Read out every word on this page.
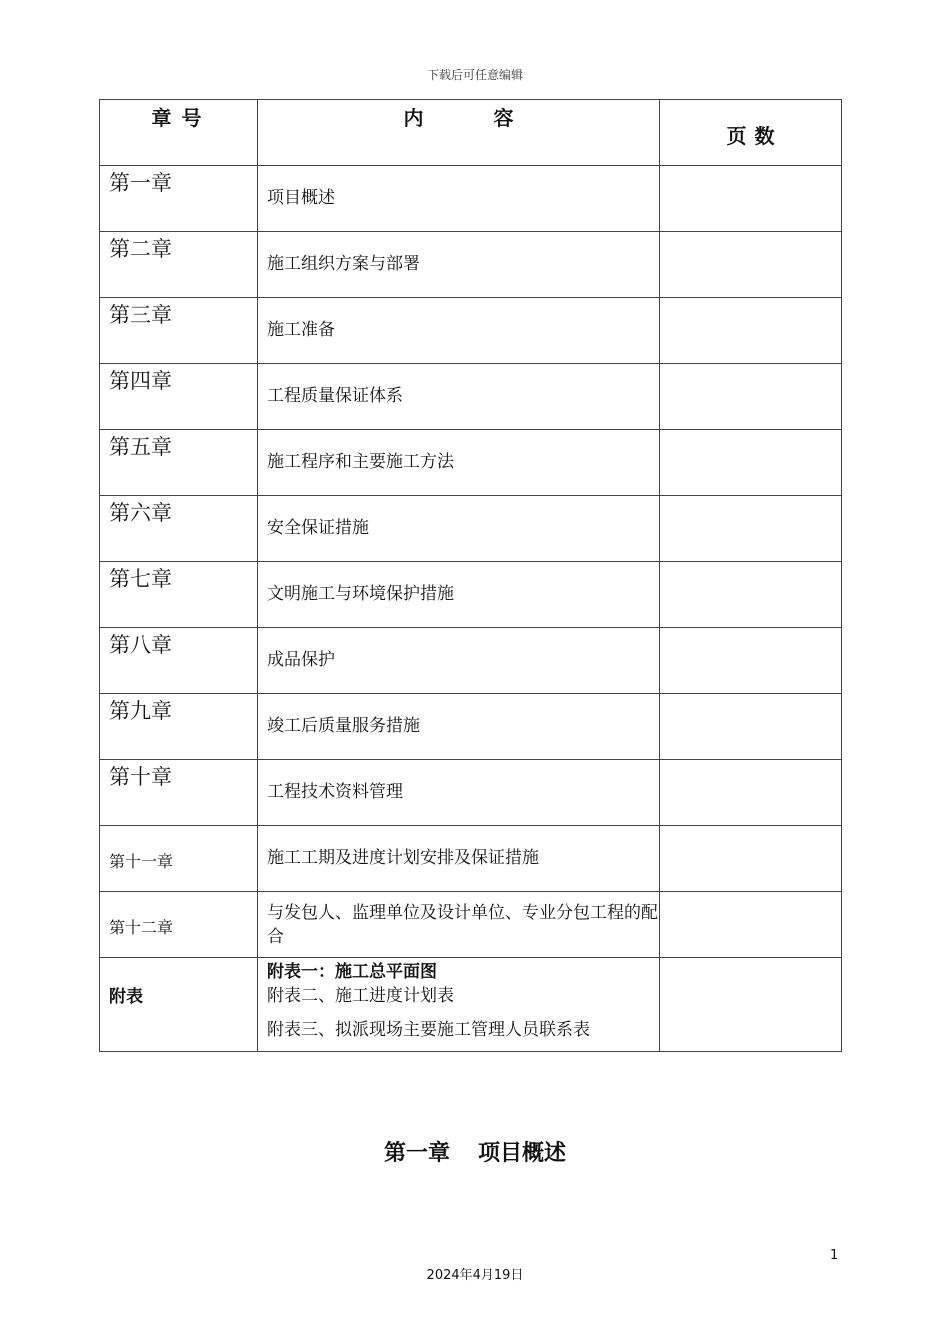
下载后可任意编辑
章号	内容	页数

第一章	项目概述	

第二章	施工组织方案与部署	

第三章	施工准备	

第四章	工程质量保证体系	

第五章	施工程序和主要施工方法	

第六章	安全保证措施	

第七章	文明施工与环境保护措施	

第八章	成品保护	

第九章	竣工后质量服务措施	

第十章	工程技术资料管理	

第十一章	施工工期及进度计划安排及保证措施	

第十二章	与发包人、监理单位及设计单位、专业分包工程的配合	

附表	附表一：施工总平面图
附表二、施工进度计划表
附表三、拟派现场主要施工管理人员联系表	

第一章 项目概述
1
2024年4月19日
